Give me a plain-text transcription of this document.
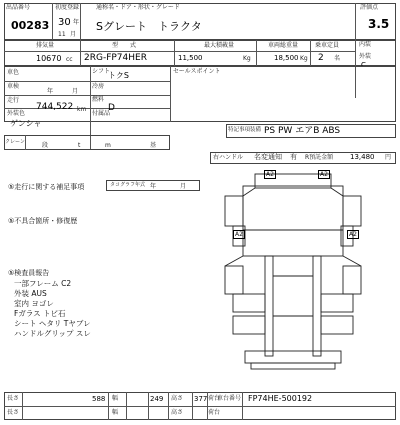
出品番号
00283
初度登録
30 年
11 月
通称名・ドア・形状・グレード
Sグレート トラクタ
評価点
3.5
排気量
10670 cc
型　　式
2RG-FP74HER
最大積載量
11,500	Kg
車両総重量
18,500 Kg
乗車定員
2 名
内装
外装
C
車色	シフト
トクS
車検
年	月
冷房
走行
744,522 km
燃料
D
外装色
ゲンシャ
付属品
セールスポイント
クレーン	段	t	m	基
特記事項装備 PS PW エアB ABS
右ハンドル 名変通知 有 R預託金額 13,480 円
⑤走行に関する補足事項	タコグラフ年式 年	月
⑤不具合箇所・修復歴
⑤検査員報告
一部フレーム C2
外装 AUS
室内 ヨゴレ
Fガラス トビ石
シート ヘタリ Tヤブレ
ハンドルグリップ スレ
A2	A2
A2	A2
長さ	588 幅	249 高さ 377 荷台
車台番号 FP74HE-500192
長さ	幅	高さ	荷台
